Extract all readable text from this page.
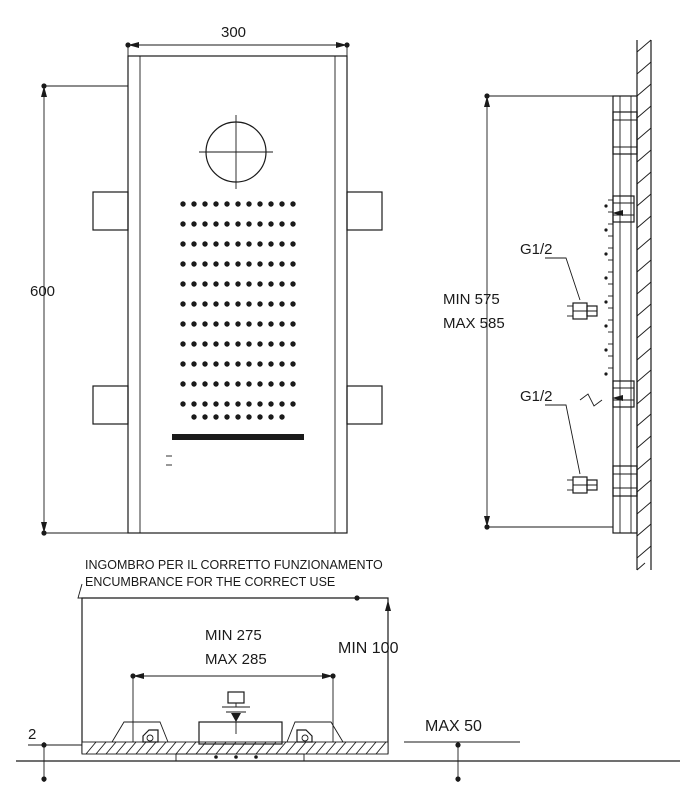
300
600
G1/2
G1/2
MIN 575
MAX 585
INGOMBRO PER IL CORRETTO FUNZIONAMENTO
ENCUMBRANCE FOR THE CORRECT USE
MIN 275
MAX 285
MIN 100
MAX 50
2
